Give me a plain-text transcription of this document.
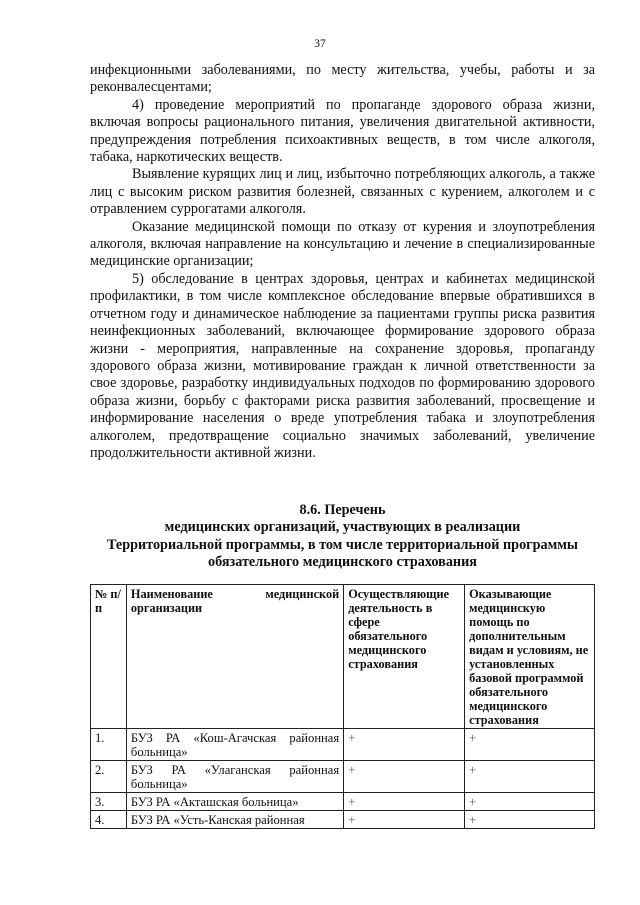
37

инфекционными заболеваниями, по месту жительства, учебы, работы и за реконвалесцентами;

4) проведение мероприятий по пропаганде здорового образа жизни, включая вопросы рационального питания, увеличения двигательной активности, предупреждения потребления психоактивных веществ, в том числе алкоголя, табака, наркотических веществ.

Выявление курящих лиц и лиц, избыточно потребляющих алкоголь, а также лиц с высоким риском развития болезней, связанных с курением, алкоголем и с отравлением суррогатами алкоголя.

Оказание медицинской помощи по отказу от курения и злоупотребления алкоголя, включая направление на консультацию и лечение в специализированные медицинские организации;

5) обследование в центрах здоровья, центрах и кабинетах медицинской профилактики, в том числе комплексное обследование впервые обратившихся в отчетном году и динамическое наблюдение за пациентами группы риска развития неинфекционных заболеваний, включающее формирование здорового образа жизни - мероприятия, направленные на сохранение здоровья, пропаганду здорового образа жизни, мотивирование граждан к личной ответственности за свое здоровье, разработку индивидуальных подходов по формированию здорового образа жизни, борьбу с факторами риска развития заболеваний, просвещение и информирование населения о вреде употребления табака и злоупотребления алкоголем, предотвращение социально значимых заболеваний, увеличение продолжительности активной жизни.

8.6. Перечень
медицинских организаций, участвующих в реализации
Территориальной программы, в том числе территориальной программы
обязательного медицинского страхования
№ п/п	Наименование медицинской организации	Осуществляющие деятельность в сфере обязательного медицинского страхования	Оказывающие медицинскую помощь по дополнительным видам и условиям, не установленных базовой программой обязательного медицинского страхования
1.	БУЗ РА «Кош-Агачская районная больница»	+	+
2.	БУЗ РА «Улаганская районная больница»	+	+
3.	БУЗ РА «Акташская больница»	+	+
4.	БУЗ РА «Усть-Канская районная	+	+
